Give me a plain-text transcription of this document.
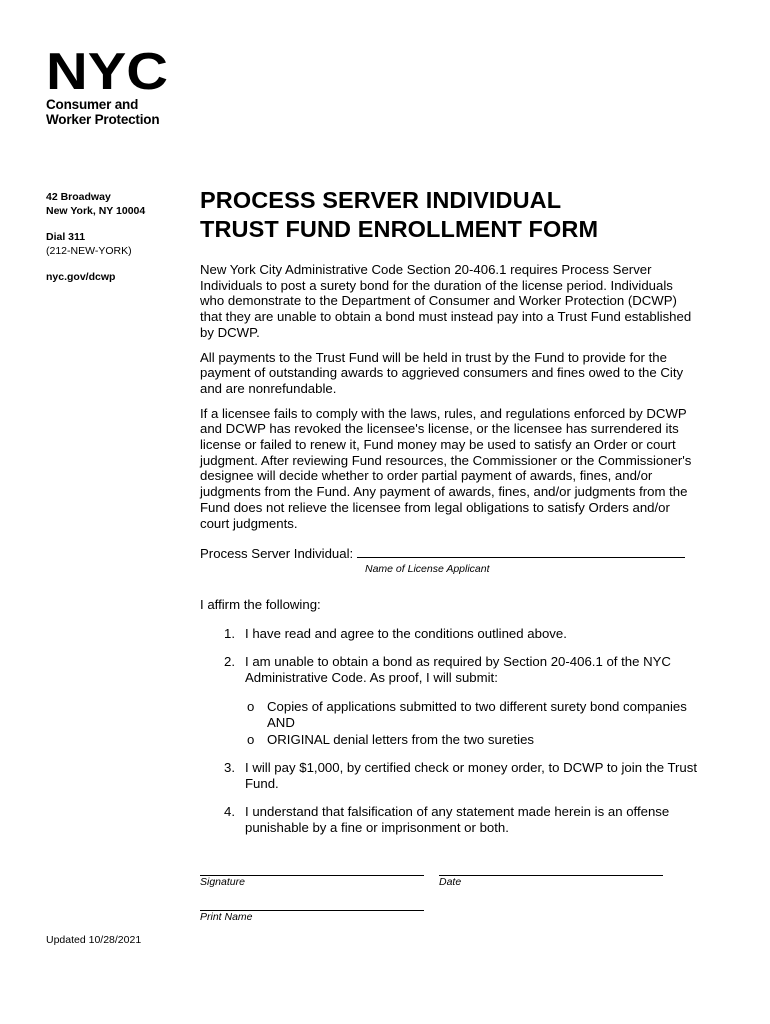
NYC
Consumer and
Worker Protection
42 Broadway
New York, NY 10004
Dial 311
(212-NEW-YORK)
nyc.gov/dcwp
PROCESS SERVER INDIVIDUAL
TRUST FUND ENROLLMENT FORM

New York City Administrative Code Section 20-406.1 requires Process Server Individuals to post a surety bond for the duration of the license period. Individuals who demonstrate to the Department of Consumer and Worker Protection (DCWP) that they are unable to obtain a bond must instead pay into a Trust Fund established by DCWP.

All payments to the Trust Fund will be held in trust by the Fund to provide for the payment of outstanding awards to aggrieved consumers and fines owed to the City and are nonrefundable.

If a licensee fails to comply with the laws, rules, and regulations enforced by DCWP and DCWP has revoked the licensee's license, or the licensee has surrendered its license or failed to renew it, Fund money may be used to satisfy an Order or court judgment. After reviewing Fund resources, the Commissioner or the Commissioner's designee will decide whether to order partial payment of awards, fines, and/or judgments from the Fund. Any payment of awards, fines, and/or judgments from the Fund does not relieve the licensee from legal obligations to satisfy Orders and/or court judgments.

Process Server Individual:
Name of License Applicant
I affirm the following:
1. I have read and agree to the conditions outlined above.
2. I am unable to obtain a bond as required by Section 20-406.1 of the NYC Administrative Code. As proof, I will submit:
o Copies of applications submitted to two different surety bond companies AND
o ORIGINAL denial letters from the two sureties
3. I will pay $1,000, by certified check or money order, to DCWP to join the Trust Fund.
4. I understand that falsification of any statement made herein is an offense punishable by a fine or imprisonment or both.
Signature	Date
Print Name
Updated 10/28/2021
